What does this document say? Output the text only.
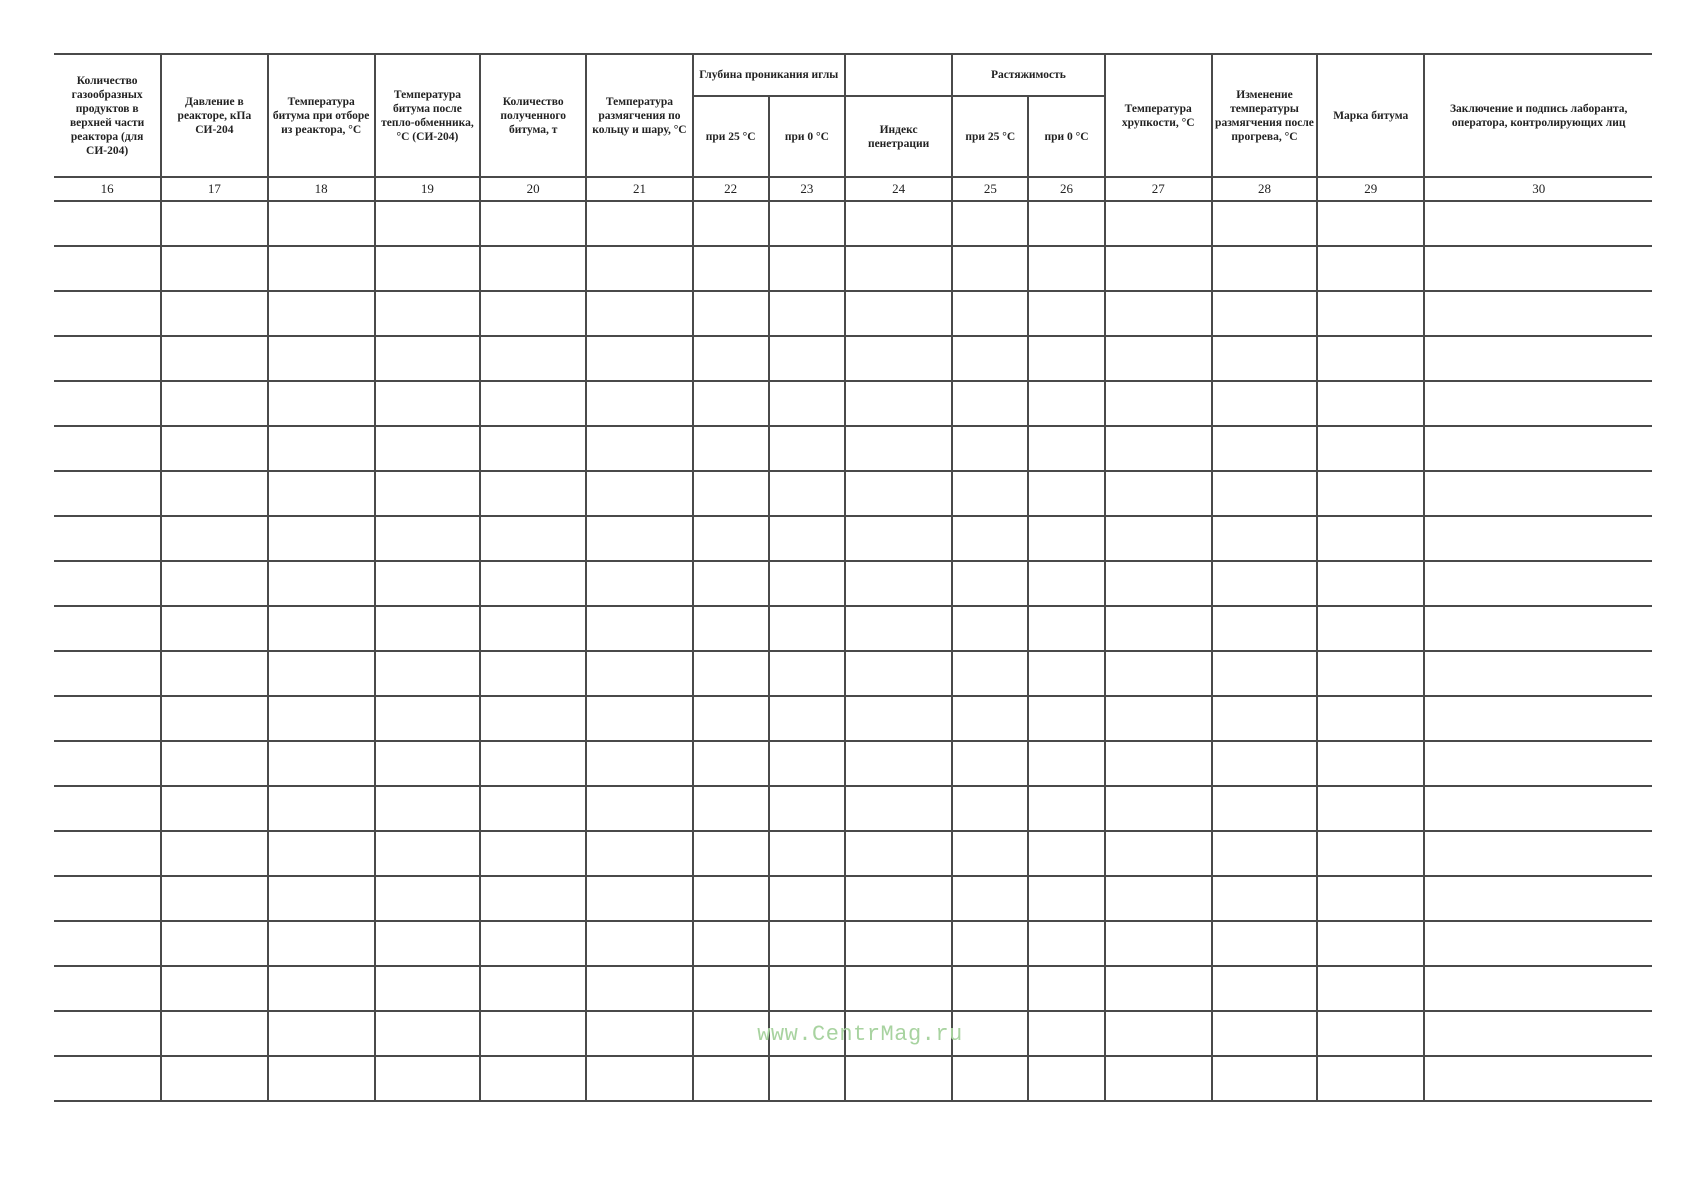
Количество газообразных продуктов в верхней части реактора (для СИ-204)	Давление в реакторе, кПа СИ-204	Температура битума при отборе из реактора, °С	Температура битума после тепло-обменника, °С (СИ-204)	Количество полученного битума, т	Температура размягчения по кольцу и шару, °С	Глубина проникания иглы			Растяжимость		Температура хрупкости, °С	Изменение температуры размягчения после прогрева, °С	Марка битума	Заключение и подпись лаборанта, оператора, контролирующих лиц
						при 25 °С	при 0 °С	Индекс пенетрации	при 25 °С	при 0 °С				
16	17	18	19	20	21	22	23	24	25	26	27	28	29	30

www.CentrMag.ru
